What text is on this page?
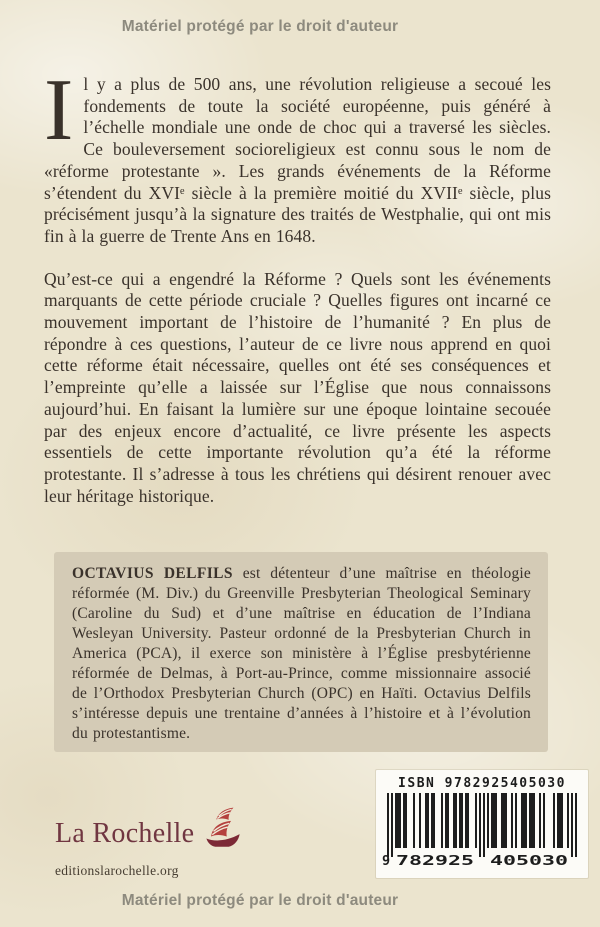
Matériel protégé par le droit d'auteur

Il y a plus de 500 ans, une révolution religieuse a secoué les fondements de toute la société européenne, puis généré à l’échelle mondiale une onde de choc qui a traversé les siècles. Ce bouleversement socioreligieux est connu sous le nom de «réforme protestante ». Les grands événements de la Réforme s’étendent du XVIᵉ siècle à la première moitié du XVIIᵉ siècle, plus précisément jusqu’à la signature des traités de Westphalie, qui ont mis fin à la guerre de Trente Ans en 1648.

Qu’est-ce qui a engendré la Réforme ? Quels sont les événements marquants de cette période cruciale ? Quelles figures ont incarné ce mouvement important de l’histoire de l’humanité ? En plus de répondre à ces questions, l’auteur de ce livre nous apprend en quoi cette réforme était nécessaire, quelles ont été ses conséquences et l’empreinte qu’elle a laissée sur l’Église que nous connaissons aujourd’hui. En faisant la lumière sur une époque lointaine secouée par des enjeux encore d’actualité, ce livre présente les aspects essentiels de cette importante révolution qu’a été la réforme protestante. Il s’adresse à tous les chrétiens qui désirent renouer avec leur héritage historique.

OCTAVIUS DELFILS est détenteur d’une maîtrise en théologie réformée (M. Div.) du Greenville Presbyterian Theological Seminary (Caroline du Sud) et d’une maîtrise en éducation de l’Indiana Wesleyan University. Pasteur ordonné de la Presbyterian Church in America (PCA), il exerce son ministère à l’Église presbytérienne réformée de Delmas, à Port-au-Prince, comme missionnaire associé de l’Orthodox Presbyterian Church (OPC) en Haïti. Octavius Delfils s’intéresse depuis une trentaine d’années à l’histoire et à l’évolution du protestantisme.
La Rochelle
editionslarochelle.org
ISBN 9782925405030
9 782925 405030
Matériel protégé par le droit d'auteur
